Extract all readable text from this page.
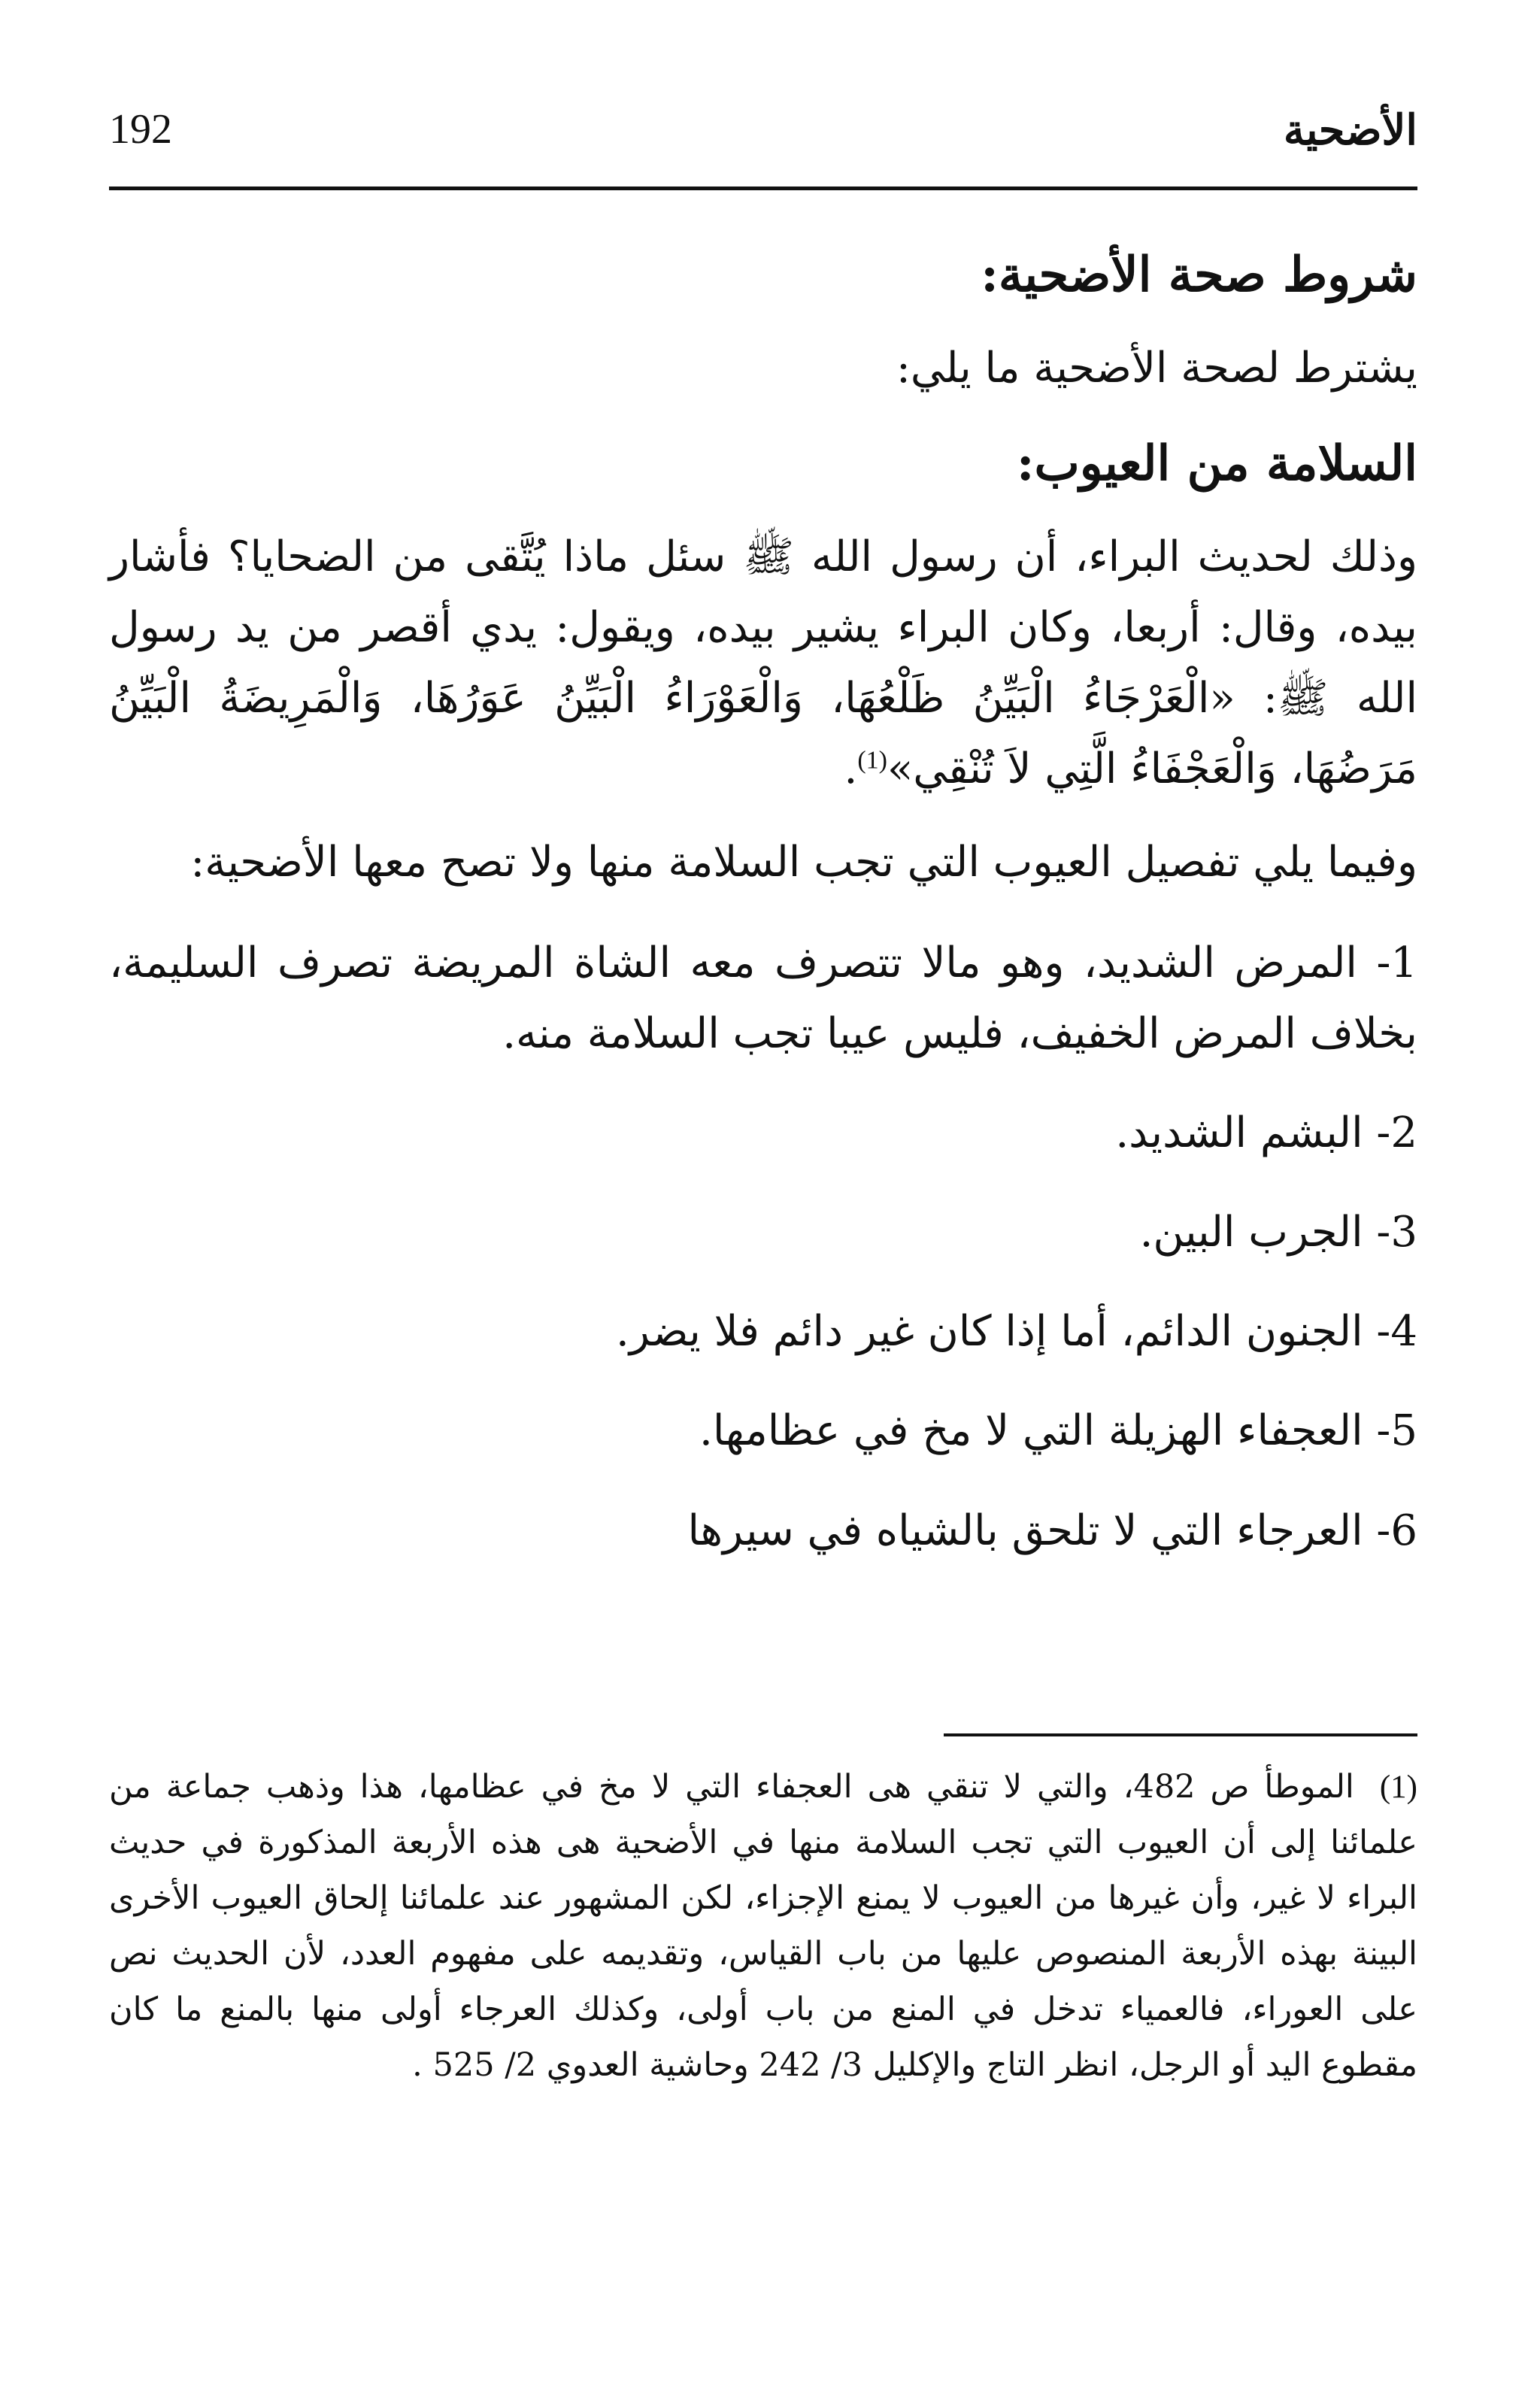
192	الأضحية
شروط صحة الأضحية:

يشترط لصحة الأضحية ما يلي:

السلامة من العيوب:

وذلك لحديث البراء، أن رسول الله ﷺ سئل ماذا يُتَّقى من الضحايا؟ فأشار بيده، وقال: أربعا، وكان البراء يشير بيده، ويقول: يدي أقصر من يد رسول الله ﷺ: «الْعَرْجَاءُ الْبَيِّنُ ظَلْعُهَا، وَالْعَوْرَاءُ الْبَيِّنُ عَوَرُهَا، وَالْمَرِيضَةُ الْبَيِّنُ مَرَضُهَا، وَالْعَجْفَاءُ الَّتِي لاَ تُنْقِي»$^{(1)}$.

وفيما يلي تفصيل العيوب التي تجب السلامة منها ولا تصح معها الأضحية:

1- المرض الشديد، وهو مالا تتصرف معه الشاة المريضة تصرف السليمة، بخلاف المرض الخفيف، فليس عيبا تجب السلامة منه.
2- البشم الشديد.
3- الجرب البين.
4- الجنون الدائم، أما إذا كان غير دائم فلا يضر.
5- العجفاء الهزيلة التي لا مخ في عظامها.
6- العرجاء التي لا تلحق بالشياه في سيرها
(1) الموطأ ص 482، والتي لا تنقي هى العجفاء التي لا مخ في عظامها، هذا وذهب جماعة من علمائنا إلى أن العيوب التي تجب السلامة منها في الأضحية هى هذه الأربعة المذكورة في حديث البراء لا غير، وأن غيرها من العيوب لا يمنع الإجزاء، لكن المشهور عند علمائنا إلحاق العيوب الأخرى البينة بهذه الأربعة المنصوص عليها من باب القياس، وتقديمه على مفهوم العدد، لأن الحديث نص على العوراء، فالعمياء تدخل في المنع من باب أولى، وكذلك العرجاء أولى منها بالمنع ما كان مقطوع اليد أو الرجل، انظر التاج والإكليل 3/ 242 وحاشية العدوي 2/ 525 .
